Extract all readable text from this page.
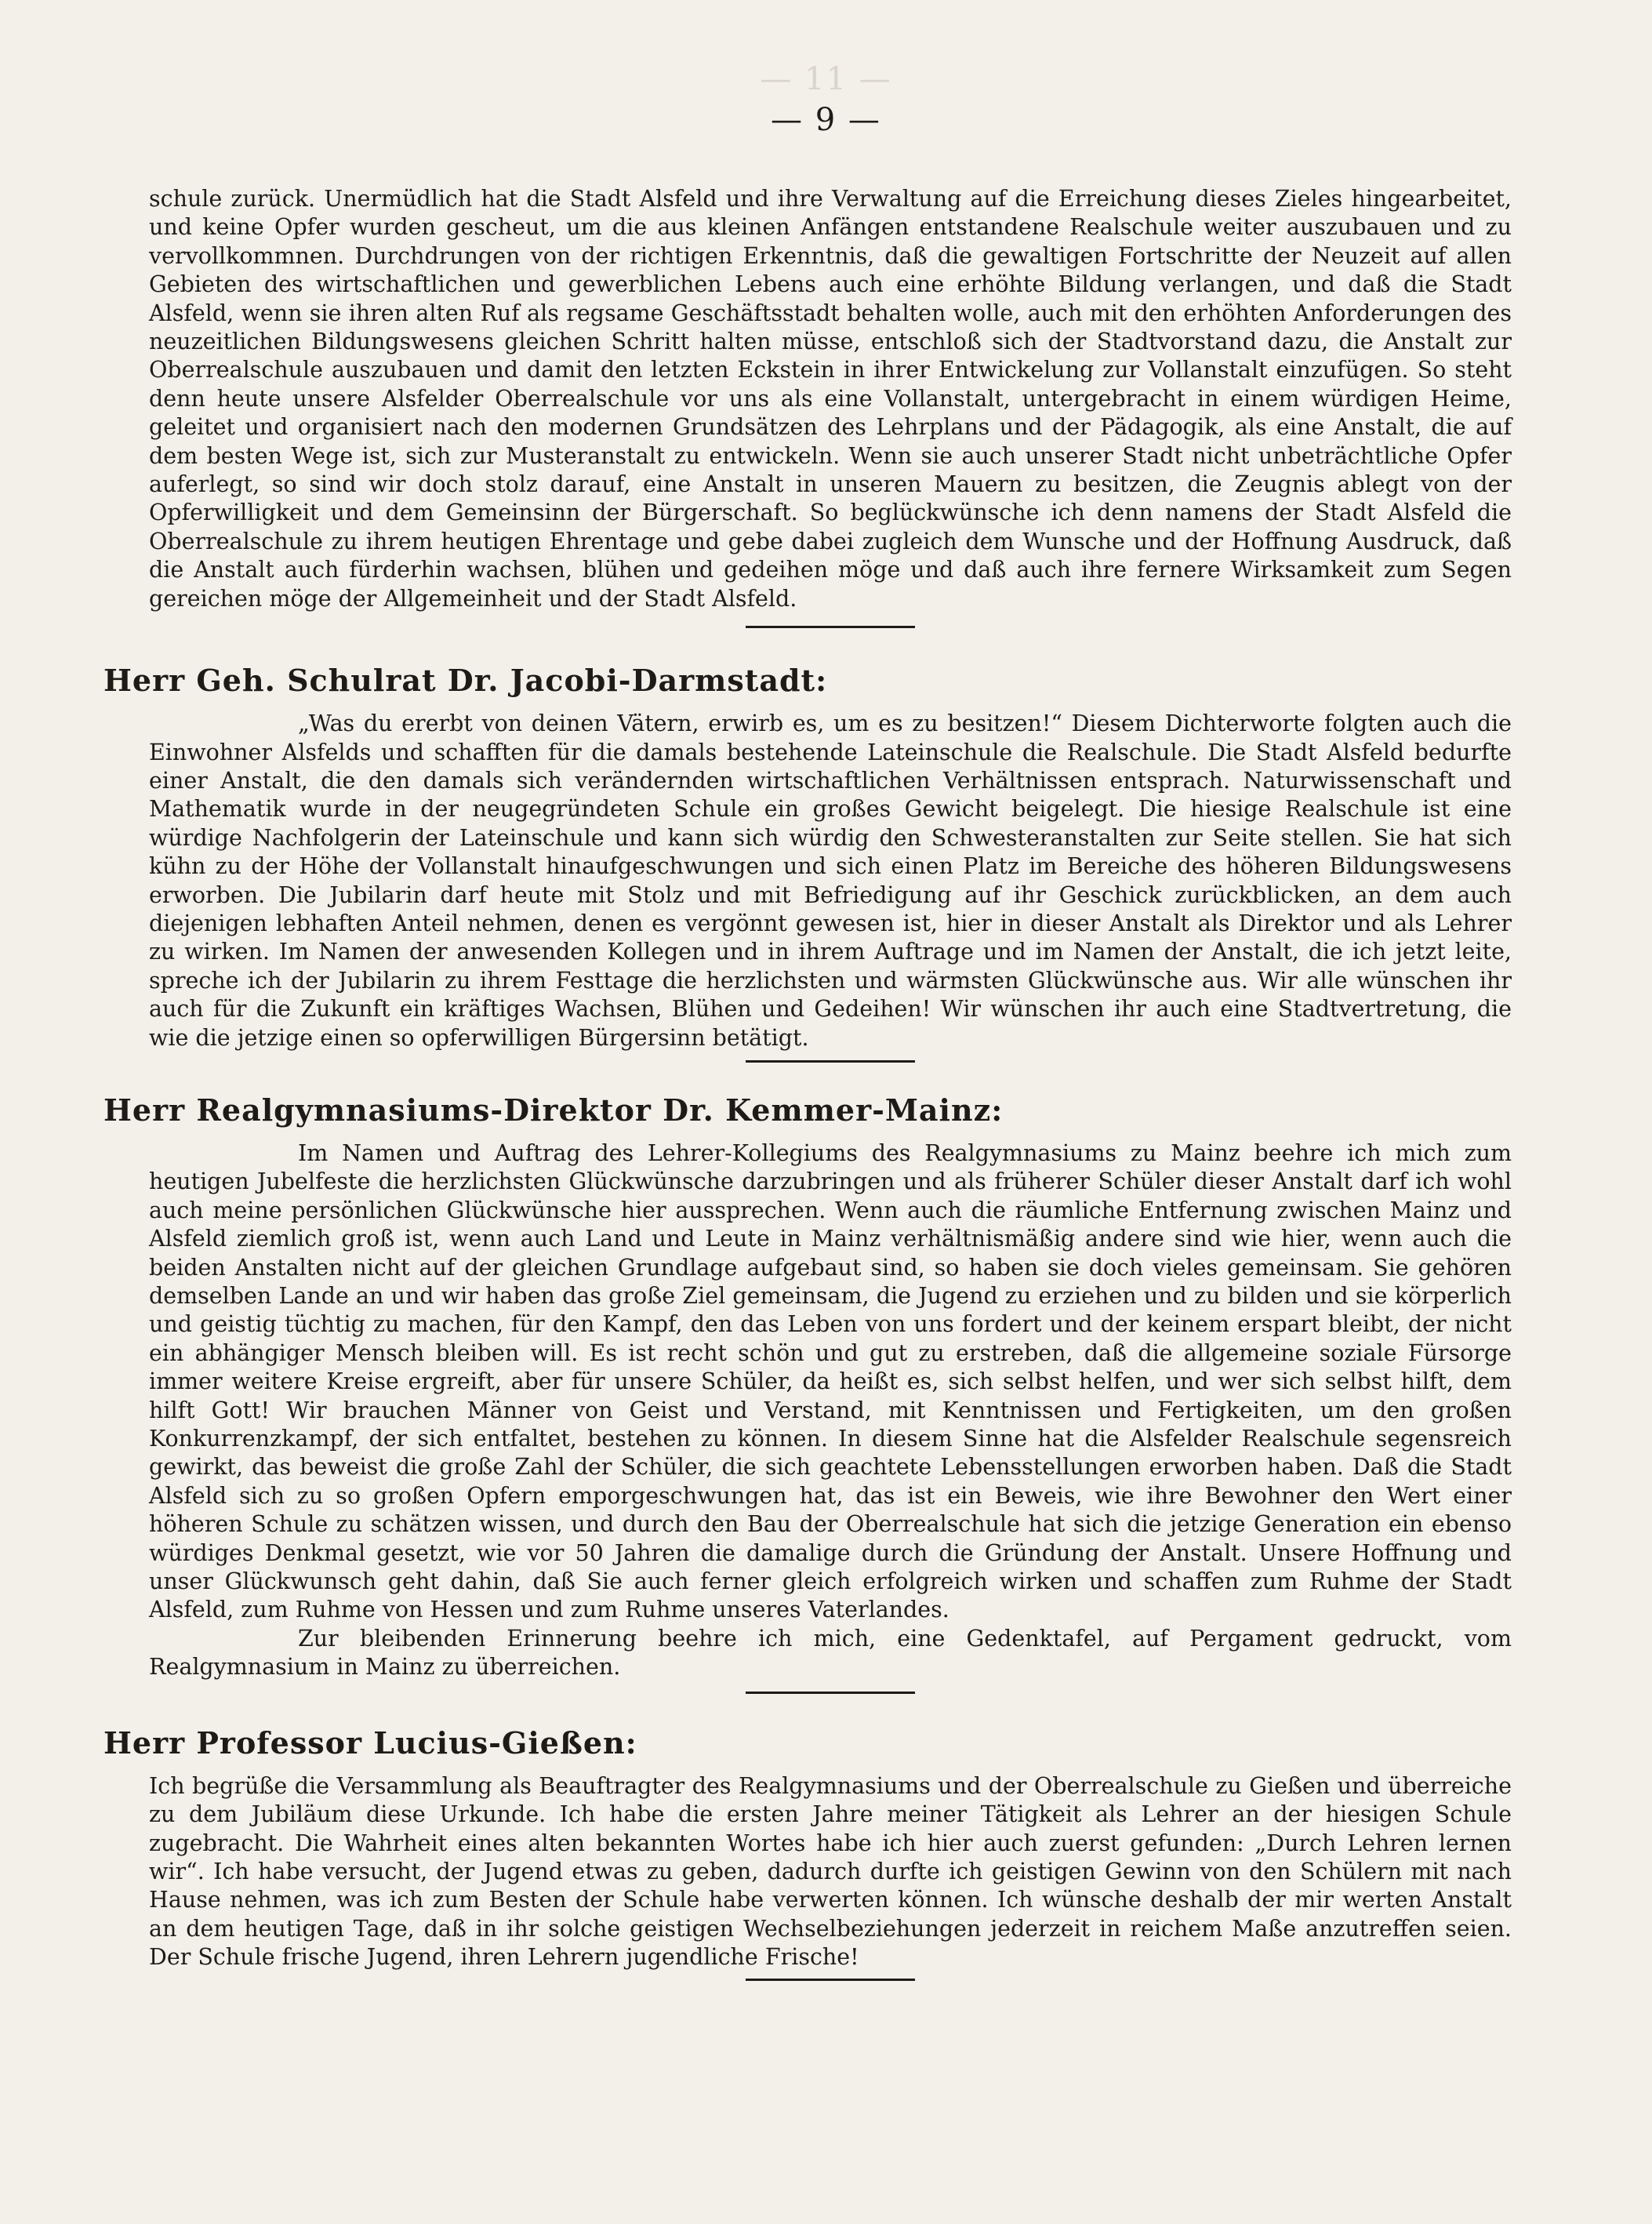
— 11 —
— 9 —

schule zurück. Unermüdlich hat die Stadt Alsfeld und ihre Verwaltung auf die Erreichung dieses Zieles hingearbeitet, und keine Opfer wurden gescheut, um die aus kleinen Anfängen entstandene Realschule weiter auszubauen und zu vervollkommnen. Durchdrungen von der richtigen Erkenntnis, daß die gewaltigen Fortschritte der Neuzeit auf allen Gebieten des wirtschaftlichen und gewerblichen Lebens auch eine erhöhte Bildung verlangen, und daß die Stadt Alsfeld, wenn sie ihren alten Ruf als regsame Geschäftsstadt behalten wolle, auch mit den erhöhten Anforderungen des neuzeitlichen Bildungswesens gleichen Schritt halten müsse, entschloß sich der Stadtvorstand dazu, die Anstalt zur Oberrealschule auszubauen und damit den letzten Eckstein in ihrer Entwickelung zur Vollanstalt einzufügen. So steht denn heute unsere Alsfelder Oberrealschule vor uns als eine Vollanstalt, untergebracht in einem würdigen Heime, geleitet und organisiert nach den modernen Grundsätzen des Lehrplans und der Pädagogik, als eine Anstalt, die auf dem besten Wege ist, sich zur Musteranstalt zu entwickeln. Wenn sie auch unserer Stadt nicht unbeträchtliche Opfer auferlegt, so sind wir doch stolz darauf, eine Anstalt in unseren Mauern zu besitzen, die Zeugnis ablegt von der Opferwilligkeit und dem Gemeinsinn der Bürgerschaft. So beglückwünsche ich denn namens der Stadt Alsfeld die Oberrealschule zu ihrem heutigen Ehrentage und gebe dabei zugleich dem Wunsche und der Hoffnung Ausdruck, daß die Anstalt auch fürderhin wachsen, blühen und gedeihen möge und daß auch ihre fernere Wirksamkeit zum Segen gereichen möge der Allgemeinheit und der Stadt Alsfeld.

Herr Geh. Schulrat Dr. Jacobi-Darmstadt:

„Was du ererbt von deinen Vätern, erwirb es, um es zu besitzen!“ Diesem Dichterworte folgten auch die Einwohner Alsfelds und schafften für die damals bestehende Lateinschule die Realschule. Die Stadt Alsfeld bedurfte einer Anstalt, die den damals sich verändernden wirtschaftlichen Verhältnissen entsprach. Naturwissenschaft und Mathematik wurde in der neugegründeten Schule ein großes Gewicht beigelegt. Die hiesige Realschule ist eine würdige Nachfolgerin der Lateinschule und kann sich würdig den Schwesteranstalten zur Seite stellen. Sie hat sich kühn zu der Höhe der Vollanstalt hinaufgeschwungen und sich einen Platz im Bereiche des höheren Bildungswesens erworben. Die Jubilarin darf heute mit Stolz und mit Befriedigung auf ihr Geschick zurückblicken, an dem auch diejenigen lebhaften Anteil nehmen, denen es vergönnt gewesen ist, hier in dieser Anstalt als Direktor und als Lehrer zu wirken. Im Namen der anwesenden Kollegen und in ihrem Auftrage und im Namen der Anstalt, die ich jetzt leite, spreche ich der Jubilarin zu ihrem Festtage die herzlichsten und wärmsten Glückwünsche aus. Wir alle wünschen ihr auch für die Zukunft ein kräftiges Wachsen, Blühen und Gedeihen! Wir wünschen ihr auch eine Stadtvertretung, die wie die jetzige einen so opferwilligen Bürgersinn betätigt.

Herr Realgymnasiums-Direktor Dr. Kemmer-Mainz:

Im Namen und Auftrag des Lehrer-Kollegiums des Realgymnasiums zu Mainz beehre ich mich zum heutigen Jubelfeste die herzlichsten Glückwünsche darzubringen und als früherer Schüler dieser Anstalt darf ich wohl auch meine persönlichen Glückwünsche hier aussprechen. Wenn auch die räumliche Entfernung zwischen Mainz und Alsfeld ziemlich groß ist, wenn auch Land und Leute in Mainz verhältnismäßig andere sind wie hier, wenn auch die beiden Anstalten nicht auf der gleichen Grundlage aufgebaut sind, so haben sie doch vieles gemeinsam. Sie gehören demselben Lande an und wir haben das große Ziel gemeinsam, die Jugend zu erziehen und zu bilden und sie körperlich und geistig tüchtig zu machen, für den Kampf, den das Leben von uns fordert und der keinem erspart bleibt, der nicht ein abhängiger Mensch bleiben will. Es ist recht schön und gut zu erstreben, daß die allgemeine soziale Fürsorge immer weitere Kreise ergreift, aber für unsere Schüler, da heißt es, sich selbst helfen, und wer sich selbst hilft, dem hilft Gott! Wir brauchen Männer von Geist und Verstand, mit Kenntnissen und Fertigkeiten, um den großen Konkurrenzkampf, der sich entfaltet, bestehen zu können. In diesem Sinne hat die Alsfelder Realschule segensreich gewirkt, das beweist die große Zahl der Schüler, die sich geachtete Lebensstellungen erworben haben. Daß die Stadt Alsfeld sich zu so großen Opfern emporgeschwungen hat, das ist ein Beweis, wie ihre Bewohner den Wert einer höheren Schule zu schätzen wissen, und durch den Bau der Oberrealschule hat sich die jetzige Generation ein ebenso würdiges Denkmal gesetzt, wie vor 50 Jahren die damalige durch die Gründung der Anstalt. Unsere Hoffnung und unser Glückwunsch geht dahin, daß Sie auch ferner gleich erfolgreich wirken und schaffen zum Ruhme der Stadt Alsfeld, zum Ruhme von Hessen und zum Ruhme unseres Vaterlandes.

Zur bleibenden Erinnerung beehre ich mich, eine Gedenktafel, auf Pergament gedruckt, vom Realgymnasium in Mainz zu überreichen.

Herr Professor Lucius-Gießen:

Ich begrüße die Versammlung als Beauftragter des Realgymnasiums und der Oberrealschule zu Gießen und überreiche zu dem Jubiläum diese Urkunde. Ich habe die ersten Jahre meiner Tätigkeit als Lehrer an der hiesigen Schule zugebracht. Die Wahrheit eines alten bekannten Wortes habe ich hier auch zuerst gefunden: „Durch Lehren lernen wir“. Ich habe versucht, der Jugend etwas zu geben, dadurch durfte ich geistigen Gewinn von den Schülern mit nach Hause nehmen, was ich zum Besten der Schule habe verwerten können. Ich wünsche deshalb der mir werten Anstalt an dem heutigen Tage, daß in ihr solche geistigen Wechselbeziehungen jederzeit in reichem Maße anzutreffen seien. Der Schule frische Jugend, ihren Lehrern jugendliche Frische!
